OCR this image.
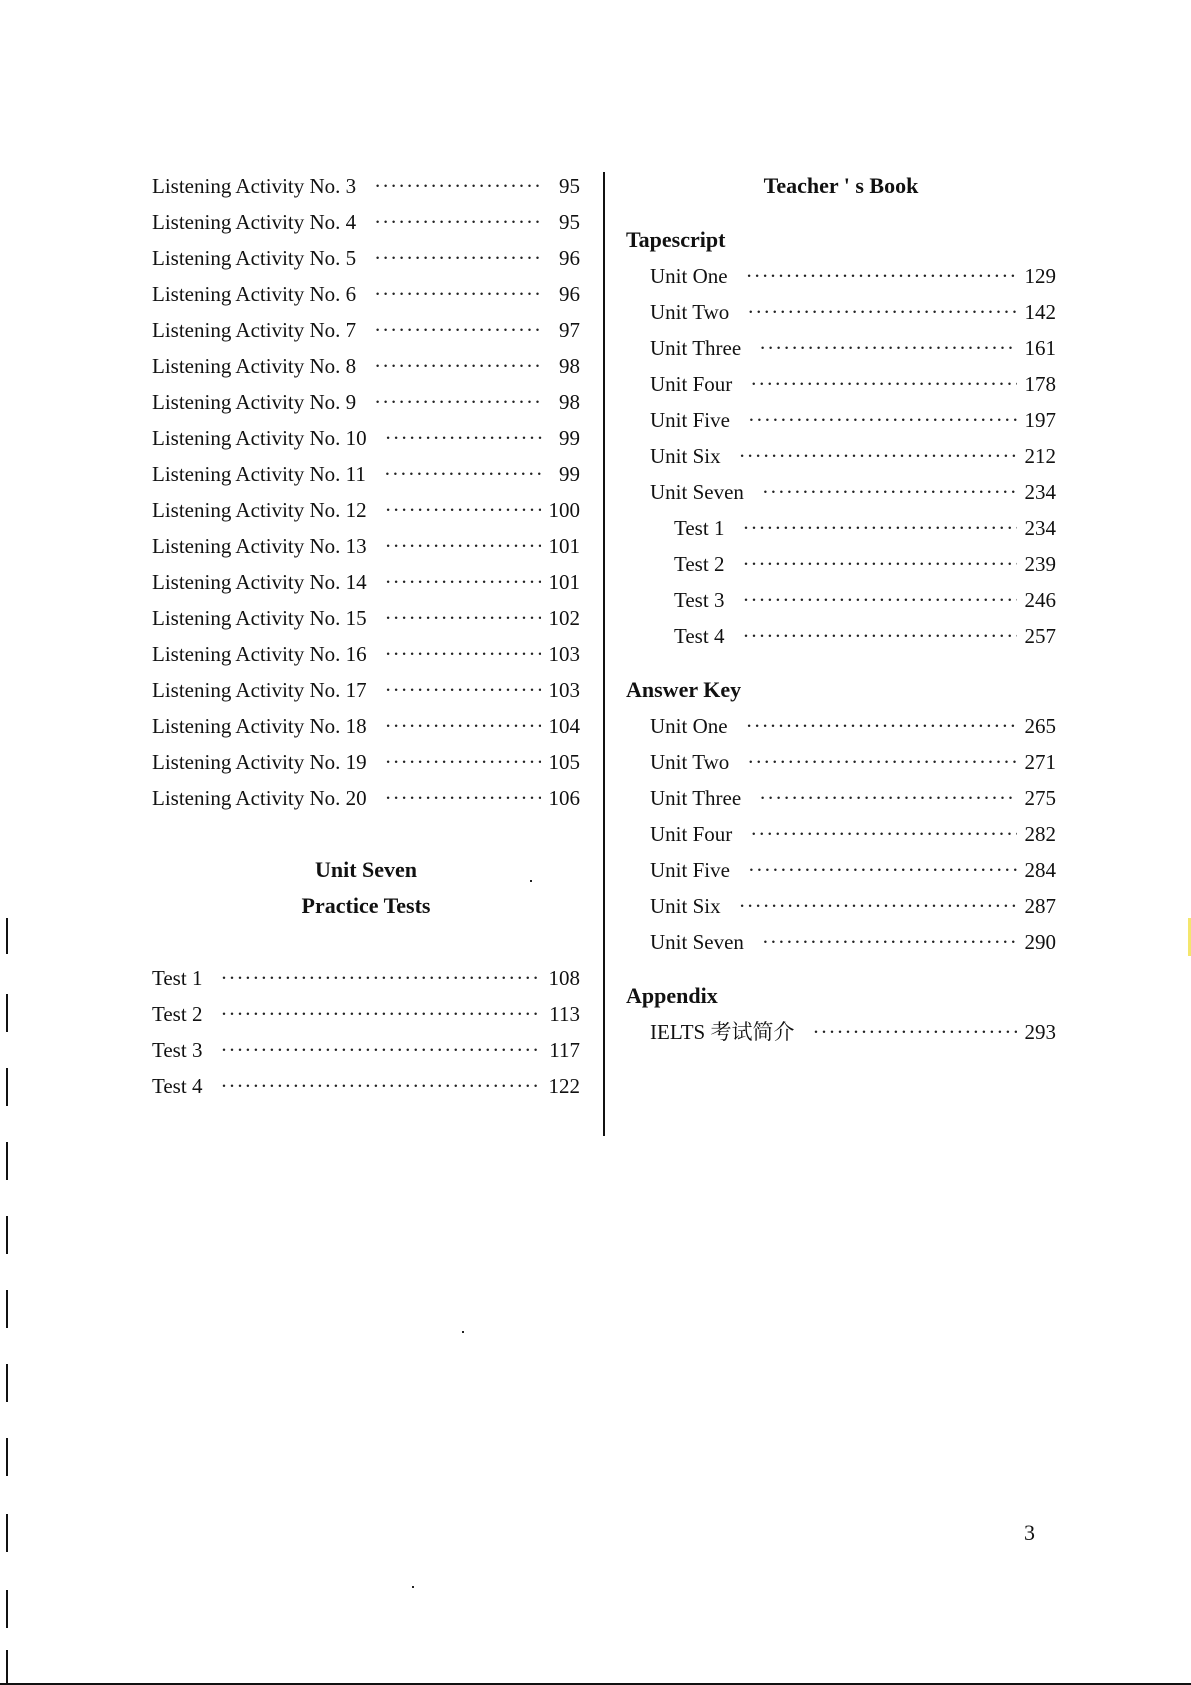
Listening Activity No. 3 ·····	95
Listening Activity No. 4 ·····	95
Listening Activity No. 5 ·····	96
Listening Activity No. 6 ·····	96
Listening Activity No. 7 ·····	97
Listening Activity No. 8 ·····	98
Listening Activity No. 9 ·····	98
Listening Activity No. 10 ·····	99
Listening Activity No. 11 ·····	99
Listening Activity No. 12 ·····	100
Listening Activity No. 13 ·····	101
Listening Activity No. 14 ·····	101
Listening Activity No. 15 ·····	102
Listening Activity No. 16 ·····	103
Listening Activity No. 17 ·····	103
Listening Activity No. 18 ·····	104
Listening Activity No. 19 ·····	105
Listening Activity No. 20 ·····	106
Unit Seven
Practice Tests
Test 1 ·····	108
Test 2 ·····	113
Test 3 ·····	117
Test 4 ·····	122
Teacher ' s Book
Tapescript
Unit One ·····	129
Unit Two ·····	142
Unit Three ·····	161
Unit Four ·····	178
Unit Five ·····	197
Unit Six ·····	212
Unit Seven ·····	234
Test 1 ·····	234
Test 2 ·····	239
Test 3 ·····	246
Test 4 ·····	257
Answer Key
Unit One ·····	265
Unit Two ·····	271
Unit Three ·····	275
Unit Four ·····	282
Unit Five ·····	284
Unit Six ·····	287
Unit Seven ·····	290
Appendix
IELTS 考试简介 ·····	293
3
